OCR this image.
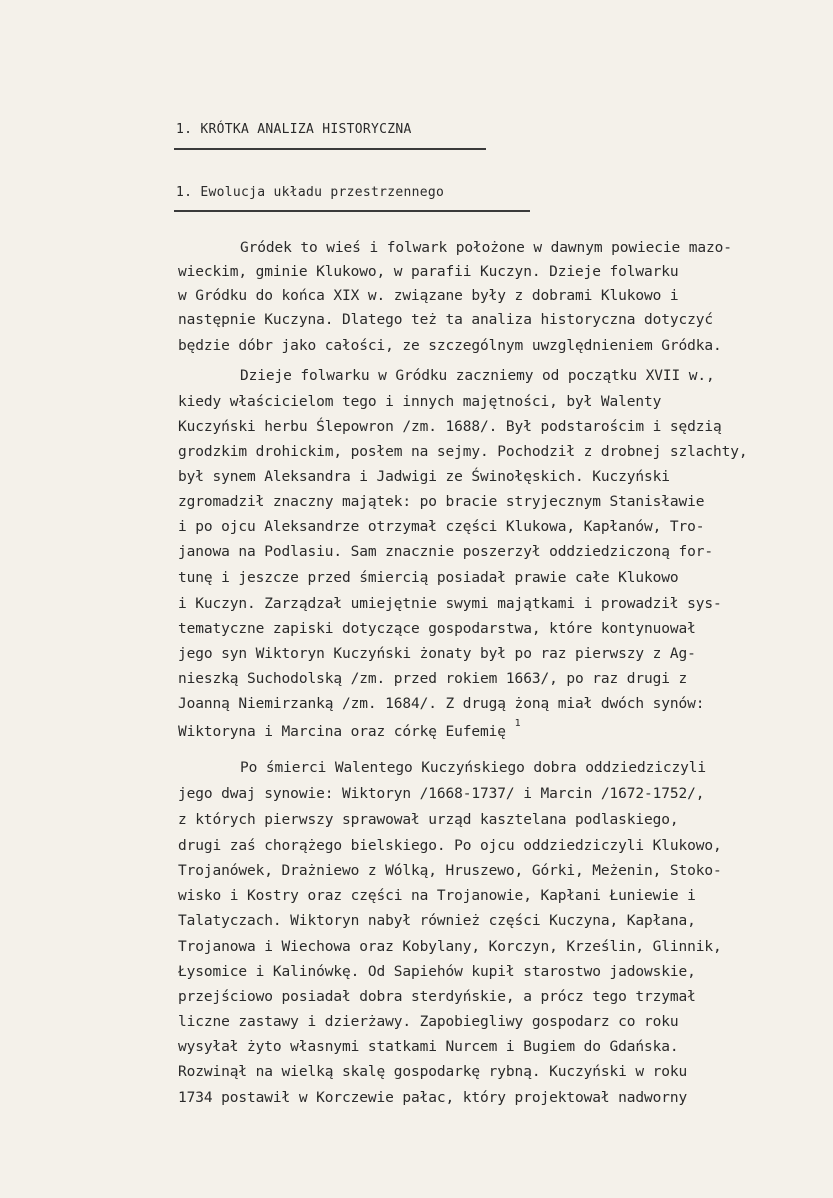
1. KRÓTKA ANALIZA HISTORYCZNA
1. Ewolucja układu przestrzennego
Gródek to wieś i folwark położone w dawnym powiecie mazo-
wieckim, gminie Klukowo, w parafii Kuczyn. Dzieje folwarku
w Gródku do końca XIX w. związane były z dobrami Klukowo i
następnie Kuczyna. Dlatego też ta analiza historyczna dotyczyć
będzie dóbr jako całości, ze szczególnym uwzględnieniem Gródka.
Dzieje folwarku w Gródku zaczniemy od początku XVII w.,
kiedy właścicielom tego i innych majętności, był Walenty
Kuczyński herbu Ślepowron /zm. 1688/. Był podstarościm i sędzią
grodzkim drohickim, posłem na sejmy. Pochodził z drobnej szlachty,
był synem Aleksandra i Jadwigi ze Świnołęskich. Kuczyński
zgromadził znaczny majątek: po bracie stryjecznym Stanisławie
i po ojcu Aleksandrze otrzymał części Klukowa, Kapłanów, Tro-
janowa na Podlasiu. Sam znacznie poszerzył oddziedziczoną for-
tunę i jeszcze przed śmiercią posiadał prawie całe Klukowo
i Kuczyn. Zarządzał umiejętnie swymi majątkami i prowadził sys-
tematyczne zapiski dotyczące gospodarstwa, które kontynuował
jego syn Wiktoryn Kuczyński żonaty był po raz pierwszy z Ag-
nieszką Suchodolską /zm. przed rokiem 1663/, po raz drugi z
Joanną Niemirzanką /zm. 1684/. Z drugą żoną miał dwóch synów:
Wiktoryna i Marcina oraz córkę Eufemię $^1$
Po śmierci Walentego Kuczyńskiego dobra oddziedziczyli
jego dwaj synowie: Wiktoryn /1668-1737/ i Marcin /1672-1752/,
z których pierwszy sprawował urząd kasztelana podlaskiego,
drugi zaś chorążego bielskiego. Po ojcu oddziedziczyli Klukowo,
Trojanówek, Drażniewo z Wólką, Hruszewo, Górki, Meżenin, Stoko-
wisko i Kostry oraz części na Trojanowie, Kapłani Łuniewie i
Talatyczach. Wiktoryn nabył również części Kuczyna, Kapłana,
Trojanowa i Wiechowa oraz Kobylany, Korczyn, Krześlin, Glinnik,
Łysomice i Kalinówkę. Od Sapiehów kupił starostwo jadowskie,
przejściowo posiadał dobra sterdyńskie, a prócz tego trzymał
liczne zastawy i dzierżawy. Zapobiegliwy gospodarz co roku
wysyłał żyto własnymi statkami Nurcem i Bugiem do Gdańska.
Rozwinął na wielką skalę gospodarkę rybną. Kuczyński w roku
1734 postawił w Korczewie pałac, który projektował nadworny
